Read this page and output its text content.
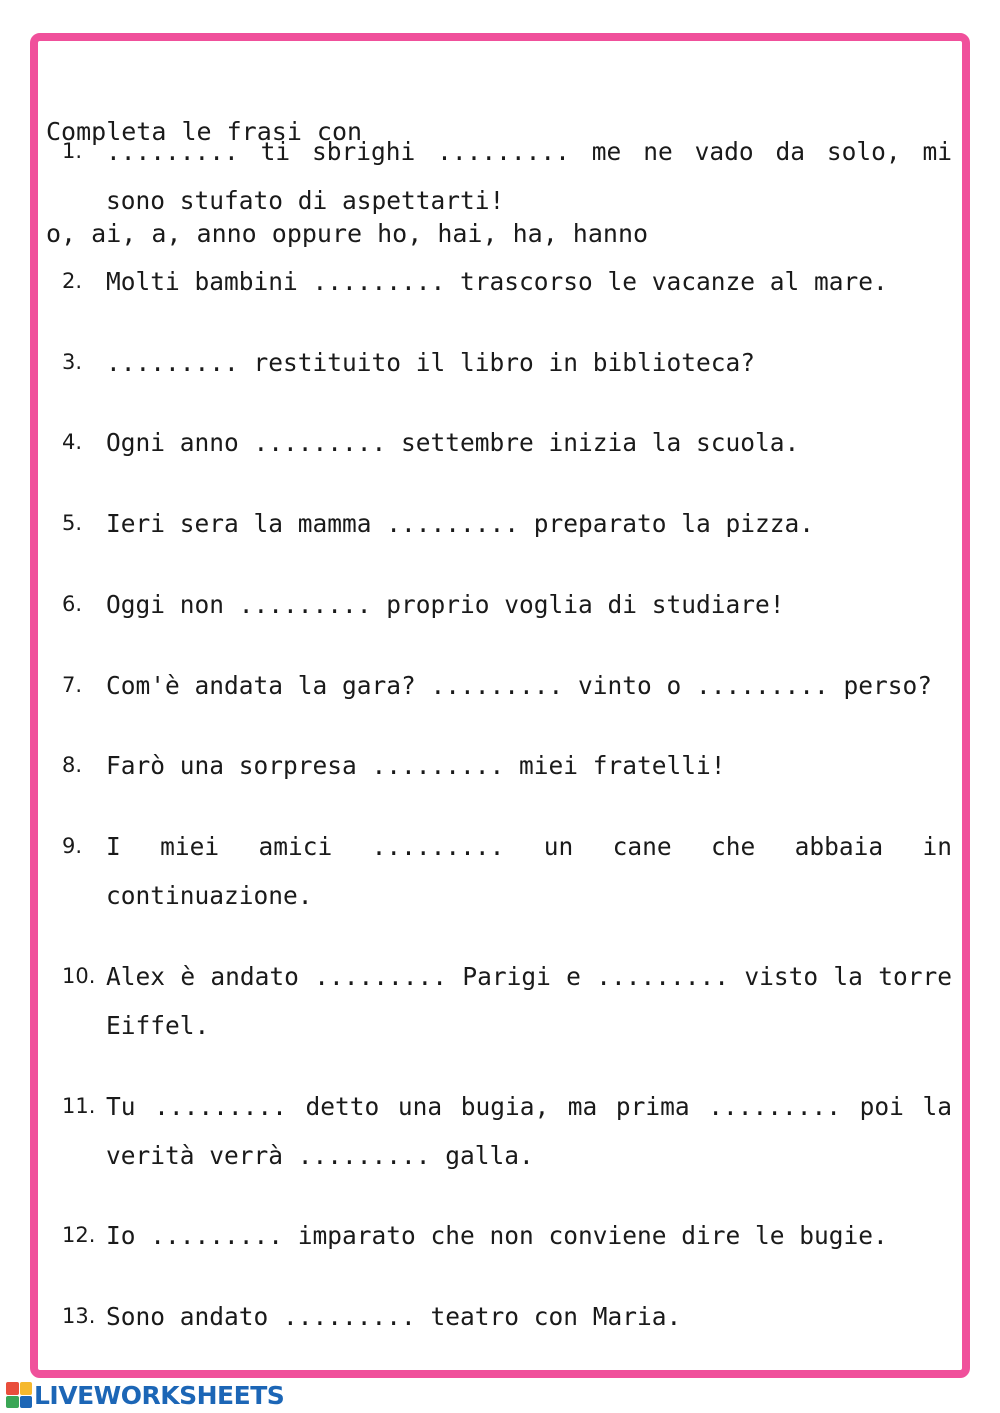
Completa le frasi con

o, ai, a, anno oppure ho, hai, ha, hanno

1. ......... ti sbrighi ......... me ne vado da solo, mi sono stufato di aspettarti!
2. Molti bambini ......... trascorso le vacanze al mare.
3. ......... restituito il libro in biblioteca?
4. Ogni anno ......... settembre inizia la scuola.
5. Ieri sera la mamma ......... preparato la pizza.
6. Oggi non ......... proprio voglia di studiare!
7. Com'è andata la gara? ......... vinto o ......... perso?
8. Farò una sorpresa ......... miei fratelli!
9. I miei amici ......... un cane che abbaia in continuazione.
10. Alex è andato ......... Parigi e ......... visto la torre Eiffel.
11. Tu ......... detto una bugia, ma prima ......... poi la verità verrà ......... galla.
12. Io ......... imparato che non conviene dire le bugie.
13. Sono andato ......... teatro con Maria.
LIVEWORKSHEETS
